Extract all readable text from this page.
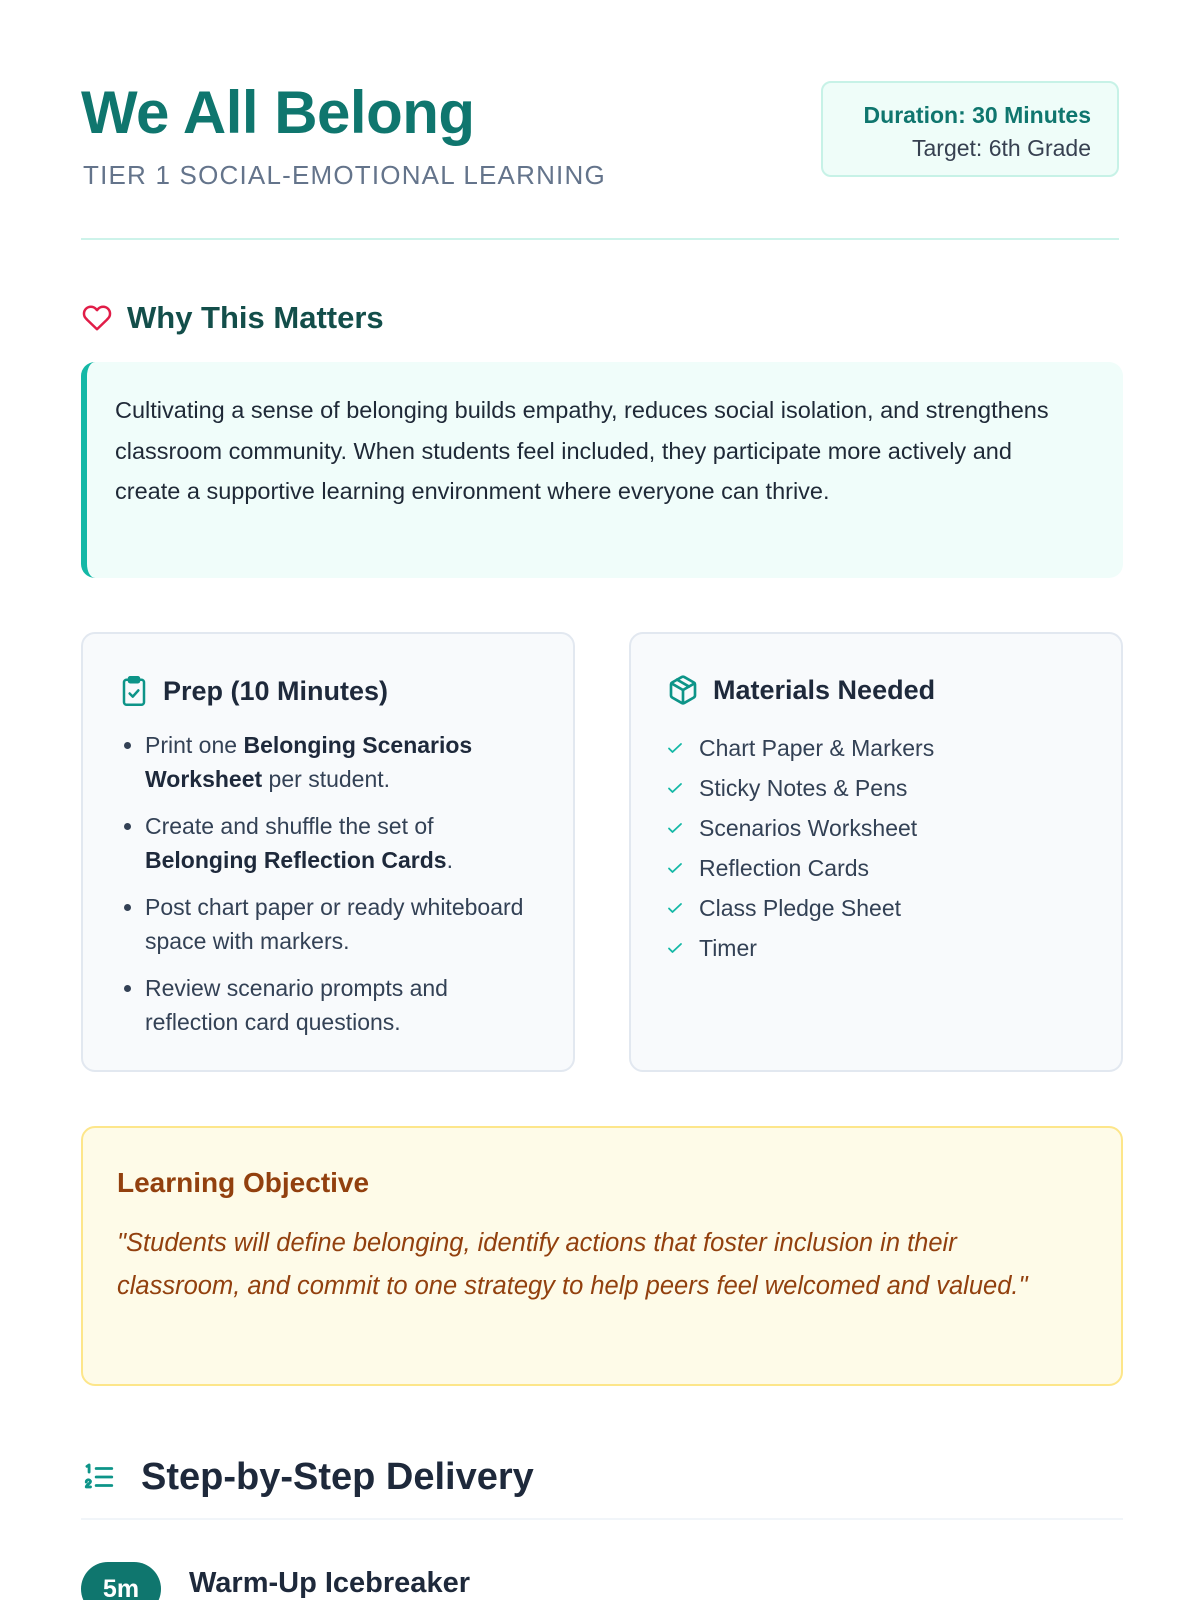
We All Belong
TIER 1 SOCIAL-EMOTIONAL LEARNING
Duration: 30 Minutes
Target: 6th Grade
Why This Matters
Cultivating a sense of belonging builds empathy, reduces social isolation, and strengthens classroom community. When students feel included, they participate more actively and create a supportive learning environment where everyone can thrive.
Prep (10 Minutes)
• Print one Belonging Scenarios Worksheet per student.
• Create and shuffle the set of Belonging Reflection Cards.
• Post chart paper or ready whiteboard space with markers.
• Review scenario prompts and reflection card questions.
Materials Needed
Chart Paper & Markers
Sticky Notes & Pens
Scenarios Worksheet
Reflection Cards
Class Pledge Sheet
Timer
Learning Objective
"Students will define belonging, identify actions that foster inclusion in their classroom, and commit to one strategy to help peers feel welcomed and valued."
Step-by-Step Delivery
5m	Warm-Up Icebreaker
